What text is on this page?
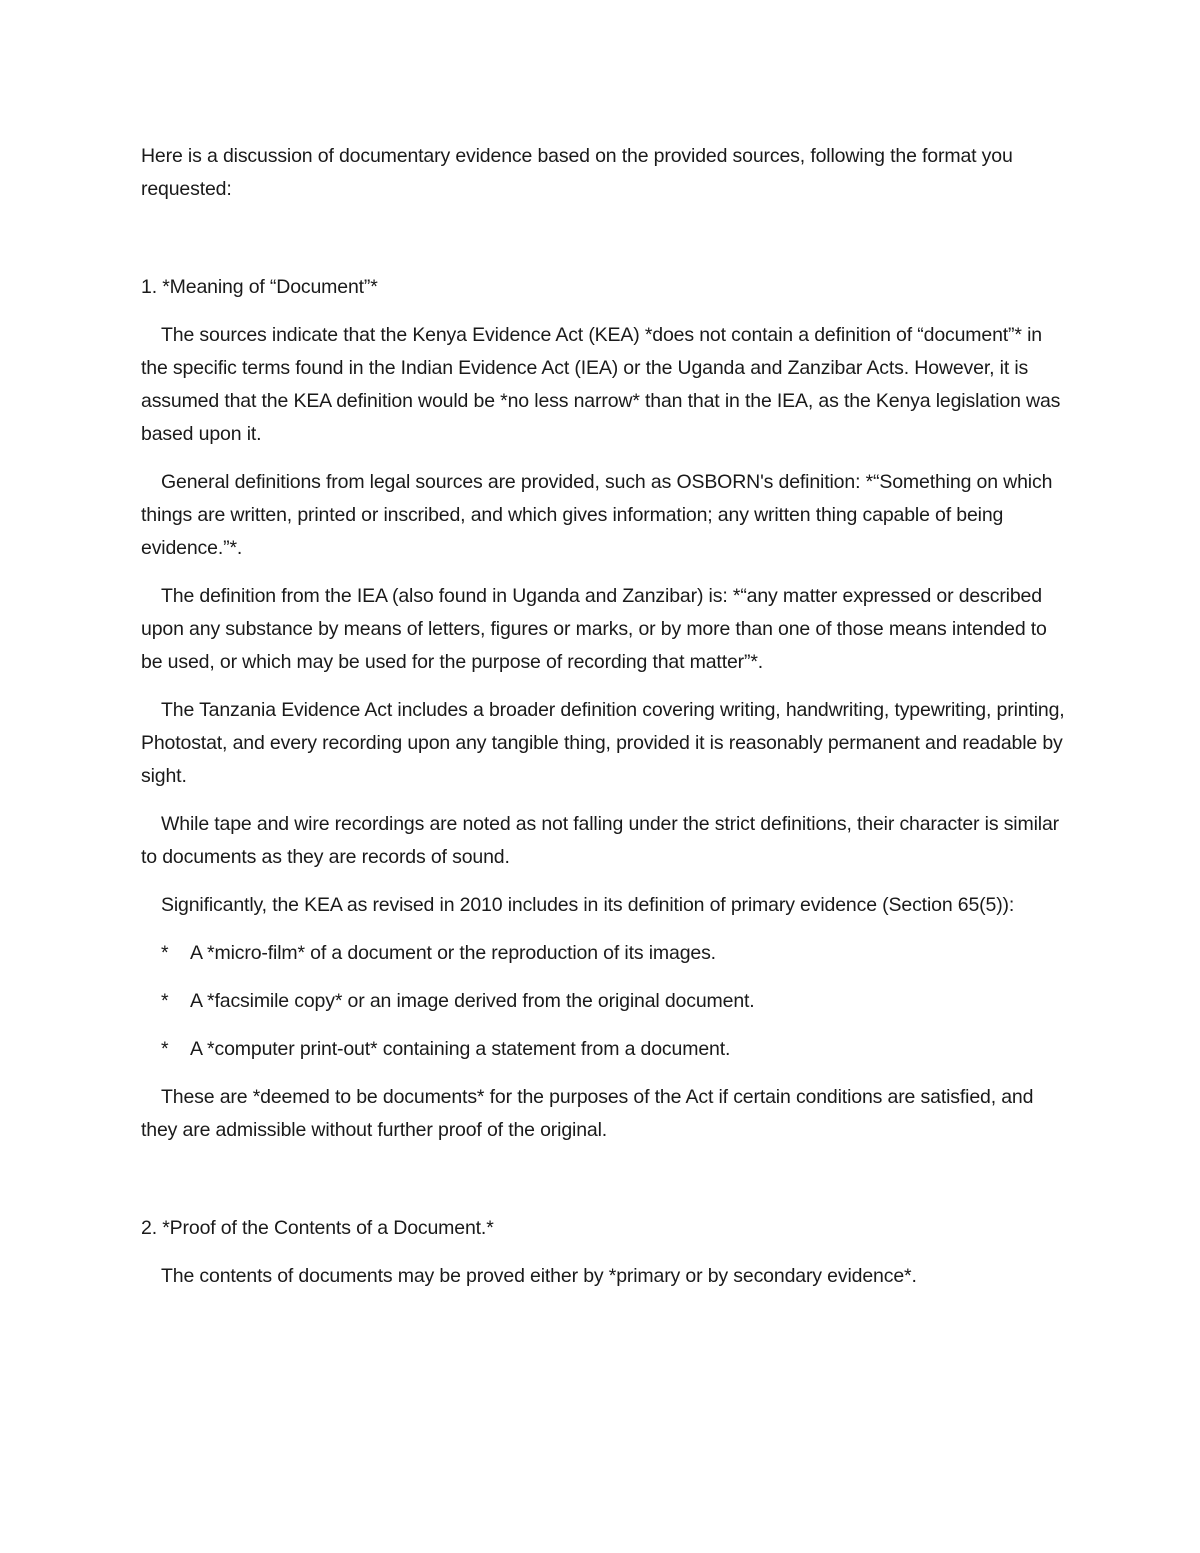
Here is a discussion of documentary evidence based on the provided sources, following the format you requested:

1. *Meaning of “Document”*

The sources indicate that the Kenya Evidence Act (KEA) *does not contain a definition of “document”* in the specific terms found in the Indian Evidence Act (IEA) or the Uganda and Zanzibar Acts. However, it is assumed that the KEA definition would be *no less narrow* than that in the IEA, as the Kenya legislation was based upon it.

General definitions from legal sources are provided, such as OSBORN's definition: *“Something on which things are written, printed or inscribed, and which gives information; any written thing capable of being evidence.”*.

The definition from the IEA (also found in Uganda and Zanzibar) is: *“any matter expressed or described upon any substance by means of letters, figures or marks, or by more than one of those means intended to be used, or which may be used for the purpose of recording that matter”*.

The Tanzania Evidence Act includes a broader definition covering writing, handwriting, typewriting, printing, Photostat, and every recording upon any tangible thing, provided it is reasonably permanent and readable by sight.

While tape and wire recordings are noted as not falling under the strict definitions, their character is similar to documents as they are records of sound.

Significantly, the KEA as revised in 2010 includes in its definition of primary evidence (Section 65(5)):

* A *micro-film* of a document or the reproduction of its images.

* A *facsimile copy* or an image derived from the original document.

* A *computer print-out* containing a statement from a document.

These are *deemed to be documents* for the purposes of the Act if certain conditions are satisfied, and they are admissible without further proof of the original.

2. *Proof of the Contents of a Document.*

The contents of documents may be proved either by *primary or by secondary evidence*.
